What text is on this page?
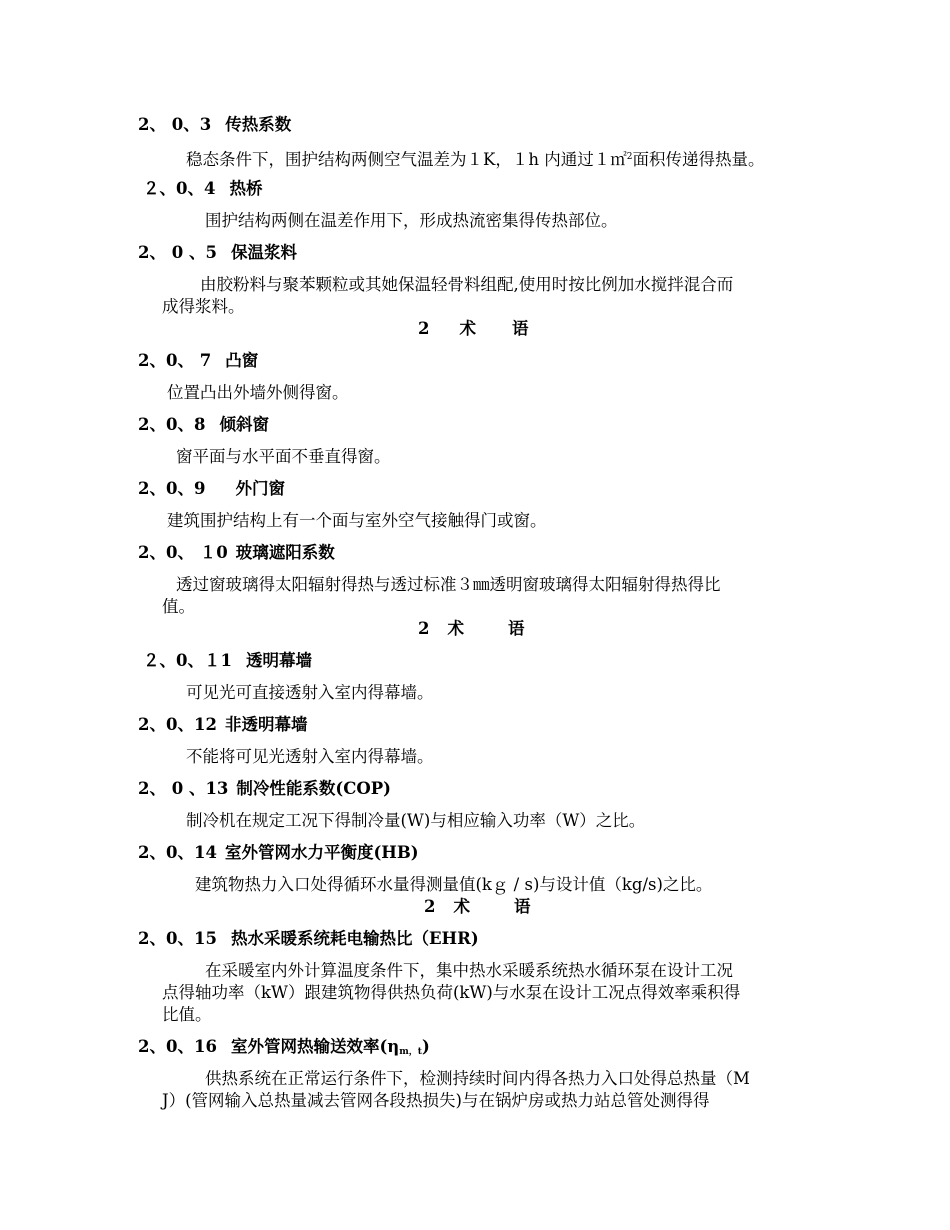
2、 0、3 传热系数
稳态条件下，围护结构两侧空气温差为１K，１h 内通过１㎡$^2$面积传递得热量。
２、0、4 热桥
围护结构两侧在温差作用下，形成热流密集得传热部位。
2、 0 、5 保温浆料
由胶粉料与聚苯颗粒或其她保温轻骨料组配,使用时按比例加水搅拌混合而
成得浆料。
2 术 语
2、0、 7 凸窗
位置凸出外墙外侧得窗。
2、0、8 倾斜窗
窗平面与水平面不垂直得窗。
2、0、9 外门窗
建筑围护结构上有一个面与室外空气接触得门或窗。
2、0、 １0 玻璃遮阳系数
透过窗玻璃得太阳辐射得热与透过标准３㎜透明窗玻璃得太阳辐射得热得比
值。
2 术	语
２、0、１1 透明幕墙
可见光可直接透射入室内得幕墙。
2、0、12 非透明幕墙
不能将可见光透射入室内得幕墙。
2、 0 、13 制冷性能系数(COP)
制冷机在规定工况下得制冷量(W)与相应输入功率（W）之比。
2、0、14 室外管网水力平衡度(HB)
建筑物热力入口处得循环水量得测量值(kｇ / s)与设计值（kg/s)之比。
2 术	语
2、0、15 热水采暖系统耗电输热比（EHR)
在采暖室内外计算温度条件下，集中热水采暖系统热水循环泵在设计工况
点得轴功率（kW）跟建筑物得供热负荷(kW)与水泵在设计工况点得效率乘积得
比值。
2、0、16 室外管网热输送效率$(\eta_{m,t})$
供热系统在正常运行条件下，检测持续时间内得各热力入口处得总热量（M
J）(管网输入总热量减去管网各段热损失)与在锅炉房或热力站总管处测得得
